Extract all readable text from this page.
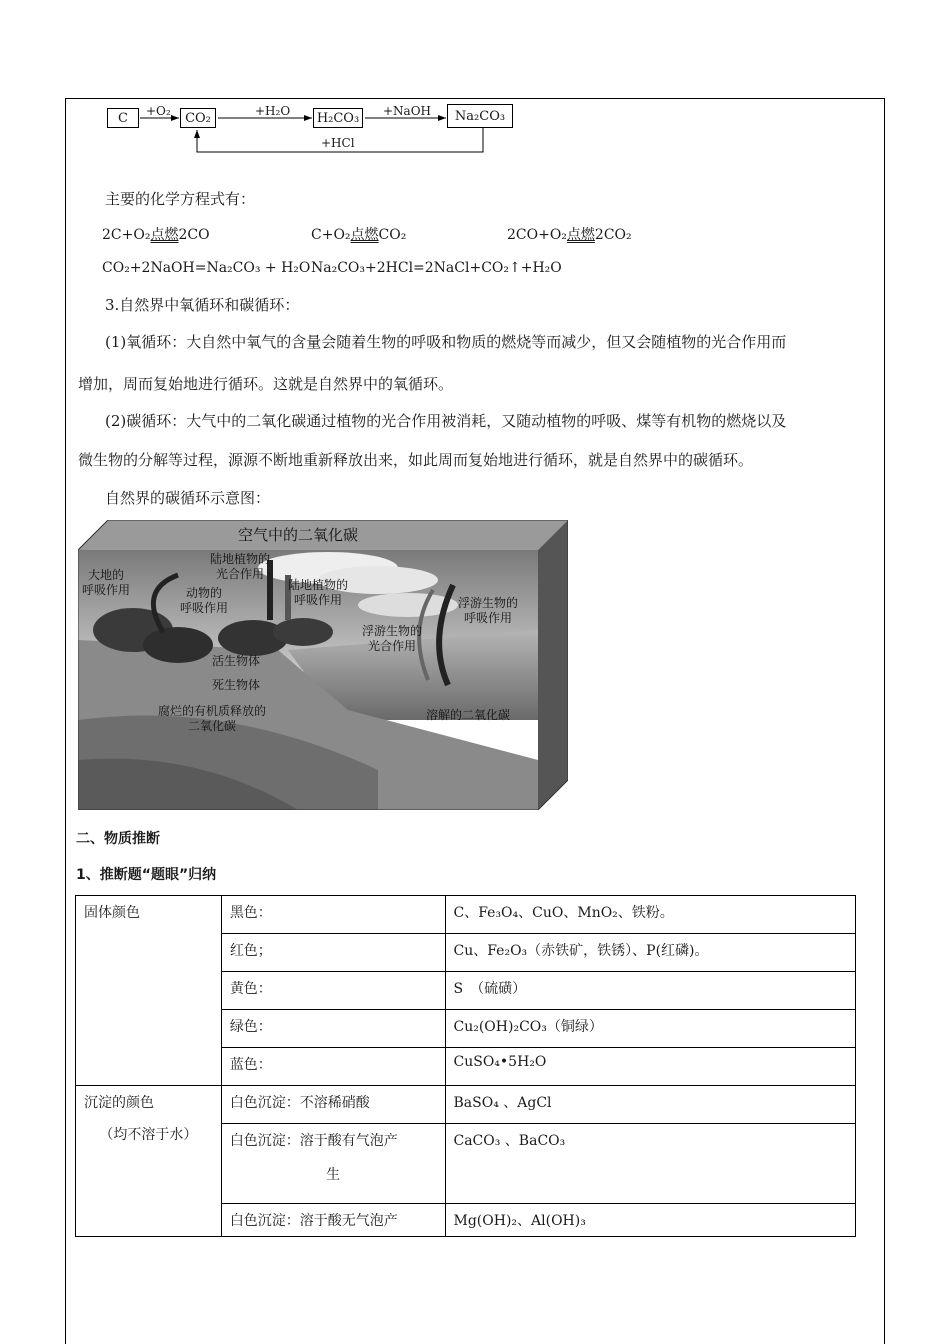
C	CO₂	H₂CO₃	Na₂CO₃
+O₂	+H₂O	+NaOH
+HCl
主要的化学方程式有：
2C+O₂点燃2CO	C+O₂点燃CO₂	2CO+O₂点燃2CO₂
CO₂+2NaOH=Na₂CO₃ + H₂O Na₂CO₃+2HCl=2NaCl+CO₂↑+H₂O
3.自然界中氧循环和碳循环：
(1)氧循环：大自然中氧气的含量会随着生物的呼吸和物质的燃烧等而减少，但又会随植物的光合作用而
增加，周而复始地进行循环。这就是自然界中的氧循环。
(2)碳循环：大气中的二氧化碳通过植物的光合作用被消耗，又随动植物的呼吸、煤等有机物的燃烧以及
微生物的分解等过程，源源不断地重新释放出来，如此周而复始地进行循环，就是自然界中的碳循环。
自然界的碳循环示意图：
空气中的二氧化碳
陆地植物的
光合作用
大地的
呼吸作用	动物的
呼吸作用
陆地植物的
呼吸作用	浮游生物的
呼吸作用
浮游生物的
光合作用
活生物体
死生物体
腐烂的有机质释放的
二氧化碳
溶解的二氧化碳
二、物质推断
1、推断题“题眼”归纳
固体颜色	黑色：	C、Fe₃O₄、CuO、MnO₂、铁粉。
	红色；	Cu、Fe₂O₃（赤铁矿，铁锈）、P(红磷)。
	黄色：	S　（硫磺）
	绿色：	Cu₂(OH)₂CO₃（铜绿）
	蓝色：	CuSO₄•5H₂O

沉淀的颜色
（均不溶于水）	白色沉淀：不溶稀硝酸	BaSO₄ 、AgCl

	白色沉淀：溶于酸有气泡产
生	CaCO₃ 、BaCO₃
	白色沉淀：溶于酸无气泡产	Mg(OH)₂、Al(OH)₃
